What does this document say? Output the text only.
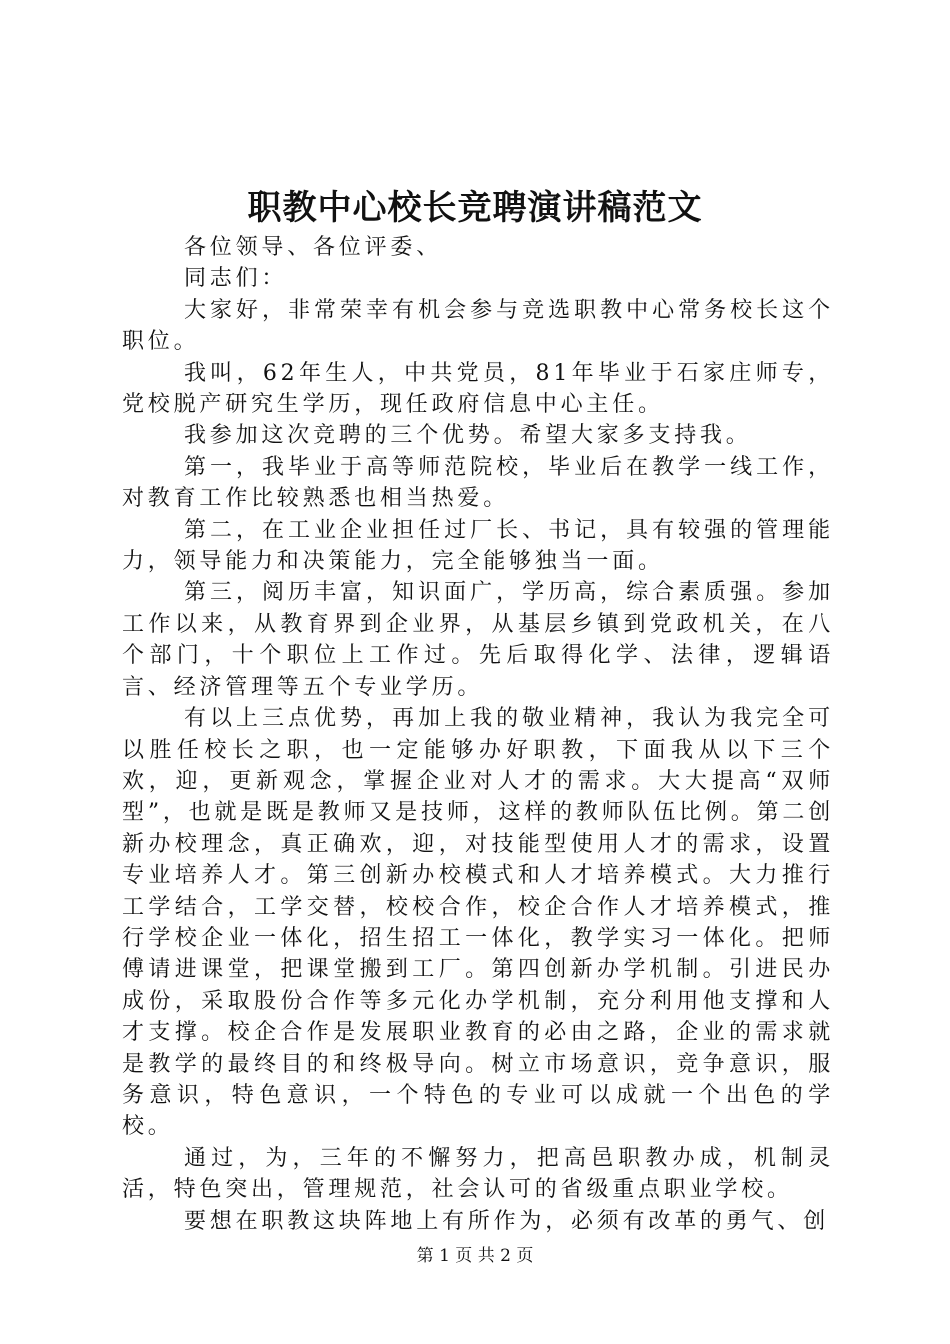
职教中心校长竞聘演讲稿范文

各位领导、各位评委、

同志们：

大家好，非常荣幸有机会参与竞选职教中心常务校长这个职位。

我叫，62年生人，中共党员，81年毕业于石家庄师专，党校脱产研究生学历，现任政府信息中心主任。

我参加这次竞聘的三个优势。希望大家多支持我。

第一，我毕业于高等师范院校，毕业后在教学一线工作，对教育工作比较熟悉也相当热爱。

第二，在工业企业担任过厂长、书记，具有较强的管理能力，领导能力和决策能力，完全能够独当一面。

第三，阅历丰富，知识面广，学历高，综合素质强。参加工作以来，从教育界到企业界，从基层乡镇到党政机关，在八个部门，十个职位上工作过。先后取得化学、法律，逻辑语言、经济管理等五个专业学历。

有以上三点优势，再加上我的敬业精神，我认为我完全可以胜任校长之职，也一定能够办好职教，下面我从以下三个欢，迎，更新观念，掌握企业对人才的需求。大大提高“双师型”，也就是既是教师又是技师，这样的教师队伍比例。第二创新办校理念，真正确欢，迎，对技能型使用人才的需求，设置专业培养人才。第三创新办校模式和人才培养模式。大力推行工学结合，工学交替，校校合作，校企合作人才培养模式，推行学校企业一体化，招生招工一体化，教学实习一体化。把师傅请进课堂，把课堂搬到工厂。第四创新办学机制。引进民办成份，采取股份合作等多元化办学机制，充分利用他支撑和人才支撑。校企合作是发展职业教育的必由之路，企业的需求就是教学的最终目的和终极导向。树立市场意识，竞争意识，服务意识，特色意识，一个特色的专业可以成就一个出色的学校。

通过，为，三年的不懈努力，把高邑职教办成，机制灵活，特色突出，管理规范，社会认可的省级重点职业学校。

要想在职教这块阵地上有所作为，必须有改革的勇气、创

第 1 页 共 2 页
